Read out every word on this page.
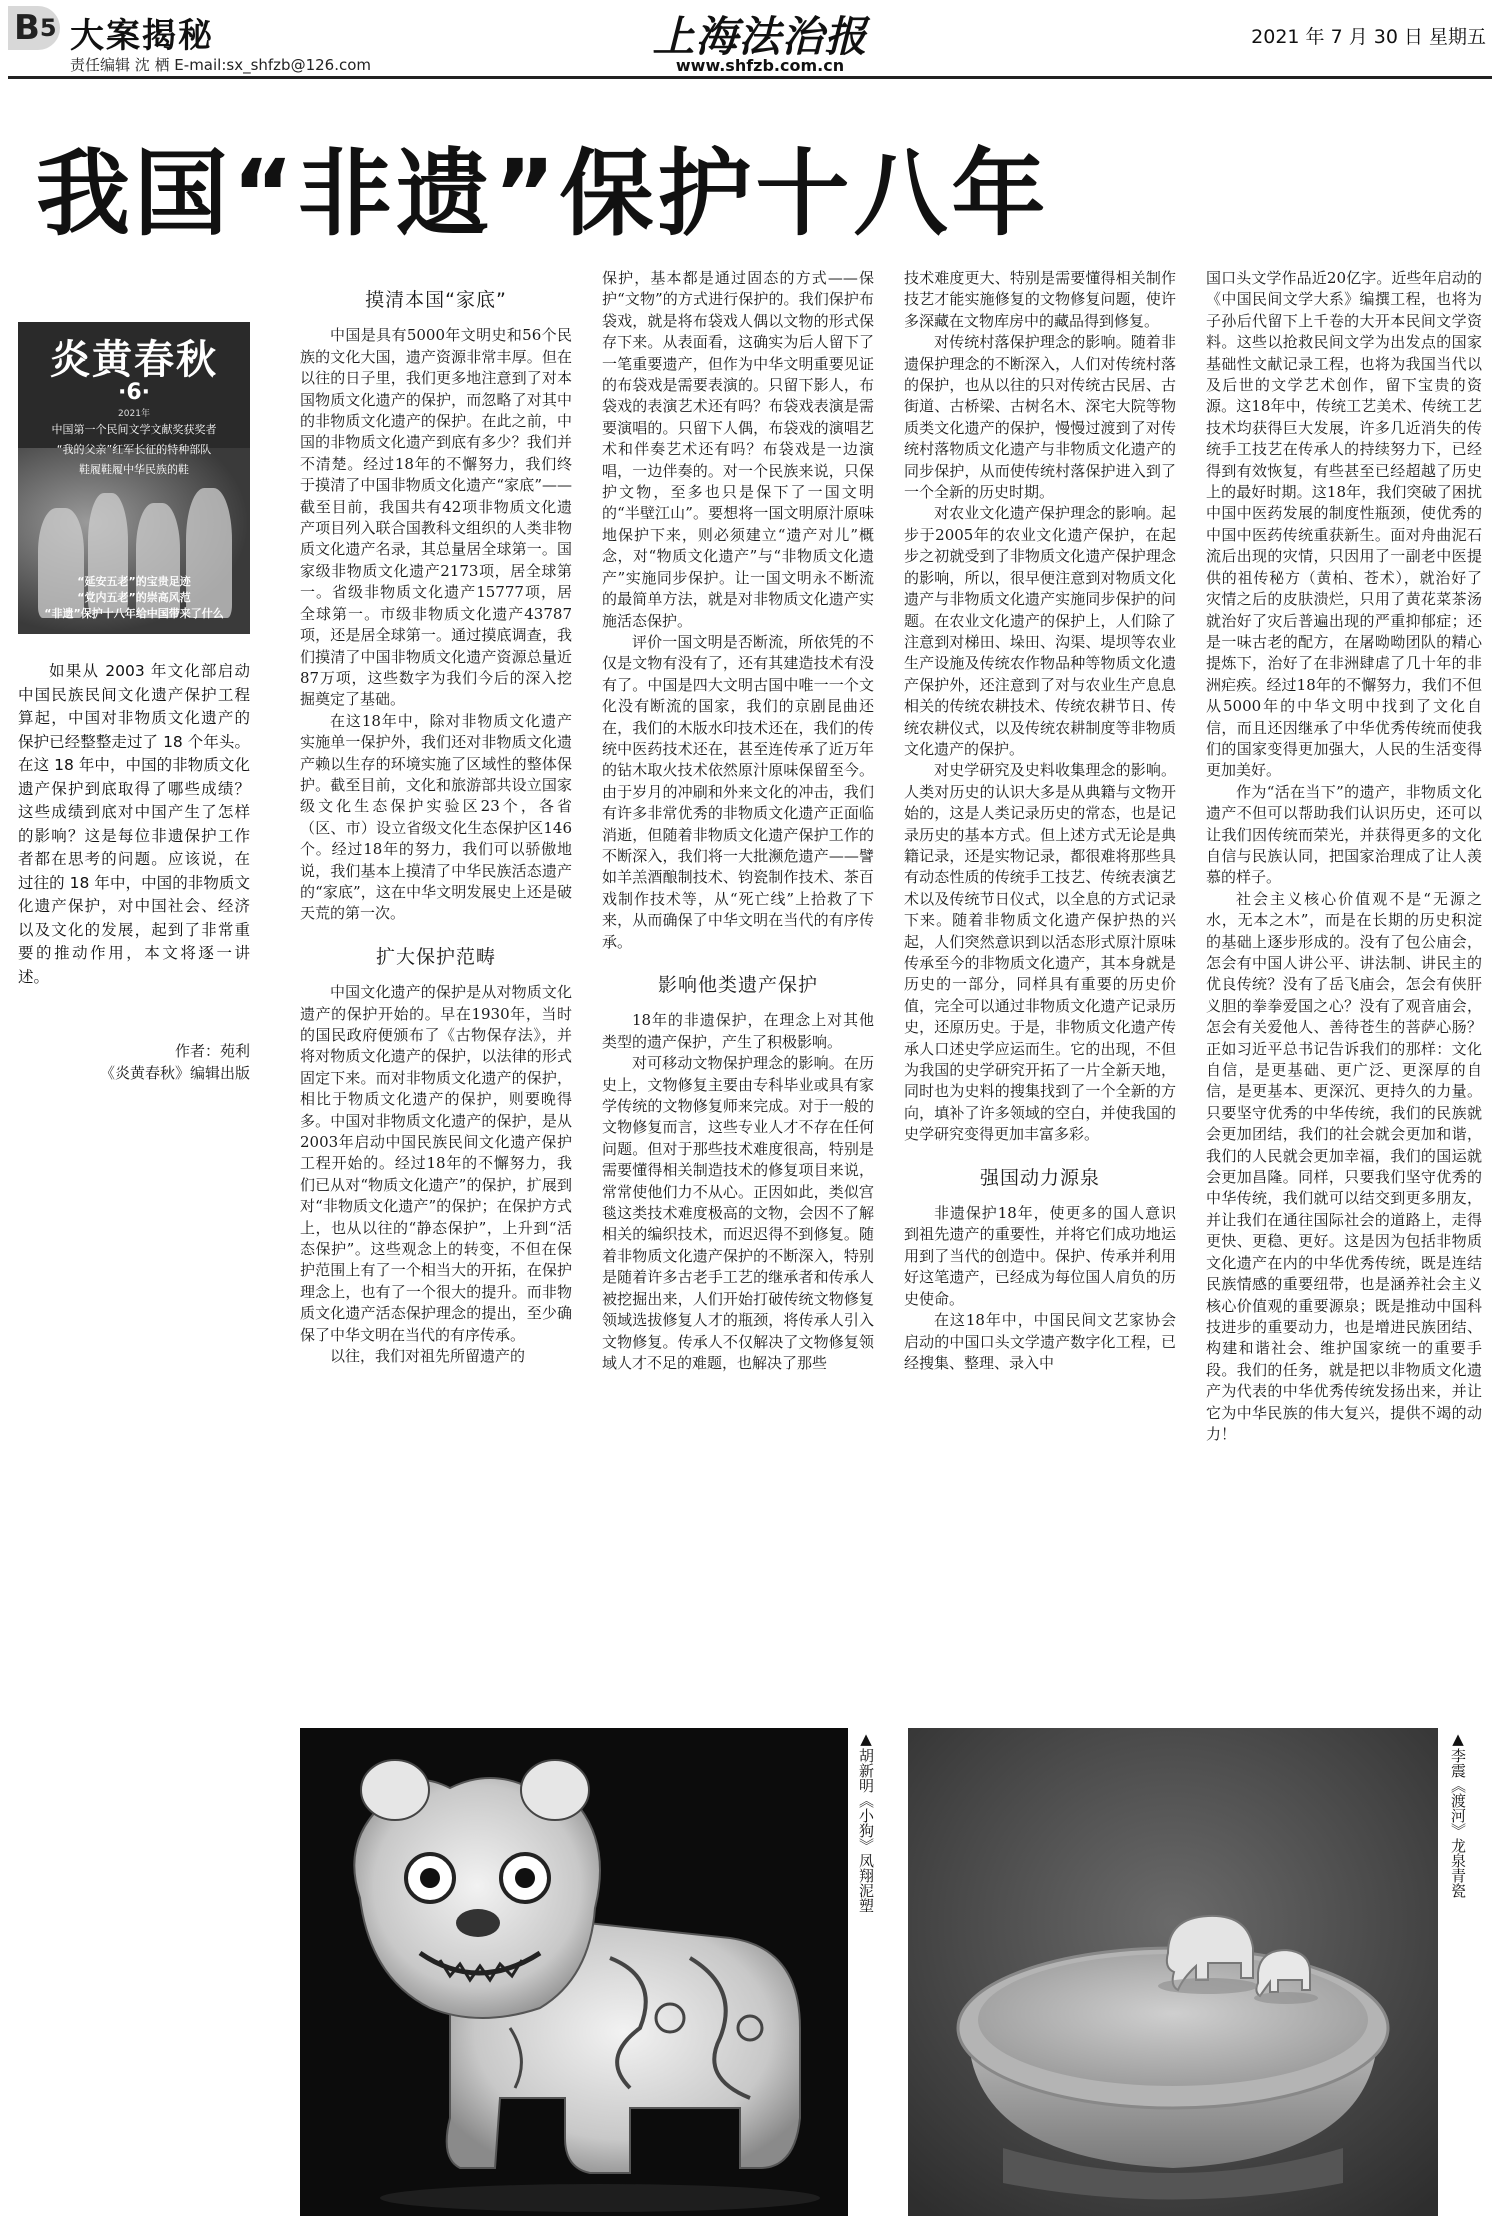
$B^5$ 大案揭秘
责任编辑 沈 栖 E-mail:sx_shfzb@126.com
上海法治报
www.shfzb.com.cn
2021 年 7 月 30 日 星期五
我国“非遗”保护十八年
炎黄春秋
·6·
2021年
中国第一个民间文学文献奖获奖者
“我的父亲”红军长征的特种部队
鞋履鞋履中华民族的鞋
“延安五老”的宝贵足迹
“党内五老”的崇高风范
“非遗”保护十八年给中国带来了什么
如果从 2003 年文化部启动中国民族民间文化遗产保护工程算起，中国对非物质文化遗产的保护已经整整走过了 18 个年头。在这 18 年中，中国的非物质文化遗产保护到底取得了哪些成绩？这些成绩到底对中国产生了怎样的影响？这是每位非遗保护工作者都在思考的问题。应该说，在过往的 18 年中，中国的非物质文化遗产保护，对中国社会、经济以及文化的发展，起到了非常重要的推动作用，本文将逐一讲述。
作者：苑利
《炎黄春秋》编辑出版
摸清本国“家底”

中国是具有5000年文明史和56个民族的文化大国，遗产资源非常丰厚。但在以往的日子里，我们更多地注意到了对本国物质文化遗产的保护，而忽略了对其中的非物质文化遗产的保护。在此之前，中国的非物质文化遗产到底有多少？我们并不清楚。经过18年的不懈努力，我们终于摸清了中国非物质文化遗产“家底”——截至目前，我国共有42项非物质文化遗产项目列入联合国教科文组织的人类非物质文化遗产名录，其总量居全球第一。国家级非物质文化遗产2173项，居全球第一。省级非物质文化遗产15777项，居全球第一。市级非物质文化遗产43787项，还是居全球第一。通过摸底调查，我们摸清了中国非物质文化遗产资源总量近87万项，这些数字为我们今后的深入挖掘奠定了基础。

在这18年中，除对非物质文化遗产实施单一保护外，我们还对非物质文化遗产赖以生存的环境实施了区域性的整体保护。截至目前，文化和旅游部共设立国家级文化生态保护实验区23个，各省（区、市）设立省级文化生态保护区146个。经过18年的努力，我们可以骄傲地说，我们基本上摸清了中华民族活态遗产的“家底”，这在中华文明发展史上还是破天荒的第一次。

扩大保护范畴

中国文化遗产的保护是从对物质文化遗产的保护开始的。早在1930年，当时的国民政府便颁布了《古物保存法》，并将对物质文化遗产的保护，以法律的形式固定下来。而对非物质文化遗产的保护，相比于物质文化遗产的保护，则要晚得多。中国对非物质文化遗产的保护，是从2003年启动中国民族民间文化遗产保护工程开始的。经过18年的不懈努力，我们已从对“物质文化遗产”的保护，扩展到对“非物质文化遗产”的保护；在保护方式上，也从以往的“静态保护”，上升到“活态保护”。这些观念上的转变，不但在保护范围上有了一个相当大的开拓，在保护理念上，也有了一个很大的提升。而非物质文化遗产活态保护理念的提出，至少确保了中华文明在当代的有序传承。

以往，我们对祖先所留遗产的

保护，基本都是通过固态的方式——保护“文物”的方式进行保护的。我们保护布袋戏，就是将布袋戏人偶以文物的形式保存下来。从表面看，这确实为后人留下了一笔重要遗产，但作为中华文明重要见证的布袋戏是需要表演的。只留下影人，布袋戏的表演艺术还有吗？布袋戏表演是需要演唱的。只留下人偶，布袋戏的演唱艺术和伴奏艺术还有吗？布袋戏是一边演唱，一边伴奏的。对一个民族来说，只保护文物，至多也只是保下了一国文明的“半壁江山”。要想将一国文明原汁原味地保护下来，则必须建立“遗产对儿”概念，对“物质文化遗产”与“非物质文化遗产”实施同步保护。让一国文明永不断流的最简单方法，就是对非物质文化遗产实施活态保护。

评价一国文明是否断流，所依凭的不仅是文物有没有了，还有其建造技术有没有了。中国是四大文明古国中唯一一个文化没有断流的国家，我们的京剧昆曲还在，我们的木版水印技术还在，我们的传统中医药技术还在，甚至连传承了近万年的钻木取火技术依然原汁原味保留至今。由于岁月的冲刷和外来文化的冲击，我们有许多非常优秀的非物质文化遗产正面临消逝，但随着非物质文化遗产保护工作的不断深入，我们将一大批濒危遗产——譬如羊羔酒酿制技术、钧瓷制作技术、茶百戏制作技术等，从“死亡线”上拾救了下来，从而确保了中华文明在当代的有序传承。

影响他类遗产保护

18年的非遗保护，在理念上对其他类型的遗产保护，产生了积极影响。

对可移动文物保护理念的影响。在历史上，文物修复主要由专科毕业或具有家学传统的文物修复师来完成。对于一般的文物修复而言，这些专业人才不存在任何问题。但对于那些技术难度很高，特别是需要懂得相关制造技术的修复项目来说，常常使他们力不从心。正因如此，类似宫毯这类技术难度极高的文物，会因不了解相关的编织技术，而迟迟得不到修复。随着非物质文化遗产保护的不断深入，特别是随着许多古老手工艺的继承者和传承人被挖掘出来，人们开始打破传统文物修复领域选拔修复人才的瓶颈，将传承人引入文物修复。传承人不仅解决了文物修复领域人才不足的难题，也解决了那些

技术难度更大、特别是需要懂得相关制作技艺才能实施修复的文物修复问题，使许多深藏在文物库房中的藏品得到修复。

对传统村落保护理念的影响。随着非遗保护理念的不断深入，人们对传统村落的保护，也从以往的只对传统古民居、古街道、古桥梁、古树名木、深宅大院等物质类文化遗产的保护，慢慢过渡到了对传统村落物质文化遗产与非物质文化遗产的同步保护，从而使传统村落保护进入到了一个全新的历史时期。

对农业文化遗产保护理念的影响。起步于2005年的农业文化遗产保护，在起步之初就受到了非物质文化遗产保护理念的影响，所以，很早便注意到对物质文化遗产与非物质文化遗产实施同步保护的问题。在农业文化遗产的保护上，人们除了注意到对梯田、垛田、沟渠、堤坝等农业生产设施及传统农作物品种等物质文化遗产保护外，还注意到了对与农业生产息息相关的传统农耕技术、传统农耕节日、传统农耕仪式，以及传统农耕制度等非物质文化遗产的保护。

对史学研究及史料收集理念的影响。人类对历史的认识大多是从典籍与文物开始的，这是人类记录历史的常态，也是记录历史的基本方式。但上述方式无论是典籍记录，还是实物记录，都很难将那些具有动态性质的传统手工技艺、传统表演艺术以及传统节日仪式，以全息的方式记录下来。随着非物质文化遗产保护热的兴起，人们突然意识到以活态形式原汁原味传承至今的非物质文化遗产，其本身就是历史的一部分，同样具有重要的历史价值，完全可以通过非物质文化遗产记录历史，还原历史。于是，非物质文化遗产传承人口述史学应运而生。它的出现，不但为我国的史学研究开拓了一片全新天地，同时也为史料的搜集找到了一个全新的方向，填补了许多领域的空白，并使我国的史学研究变得更加丰富多彩。

强国动力源泉

非遗保护18年，使更多的国人意识到祖先遗产的重要性，并将它们成功地运用到了当代的创造中。保护、传承并利用好这笔遗产，已经成为每位国人肩负的历史使命。

在这18年中，中国民间文艺家协会启动的中国口头文学遗产数字化工程，已经搜集、整理、录入中

国口头文学作品近20亿字。近些年启动的《中国民间文学大系》编撰工程，也将为子孙后代留下上千卷的大开本民间文学资料。这些以抢救民间文学为出发点的国家基础性文献记录工程，也将为我国当代以及后世的文学艺术创作，留下宝贵的资源。这18年中，传统工艺美术、传统工艺技术均获得巨大发展，许多几近消失的传统手工技艺在传承人的持续努力下，已经得到有效恢复，有些甚至已经超越了历史上的最好时期。这18年，我们突破了困扰中国中医药发展的制度性瓶颈，使优秀的中国中医药传统重获新生。面对舟曲泥石流后出现的灾情，只因用了一副老中医提供的祖传秘方（黄柏、苍术），就治好了灾情之后的皮肤溃烂，只用了黄花菜茶汤就治好了灾后普遍出现的严重抑郁症；还是一味古老的配方，在屠呦呦团队的精心提炼下，治好了在非洲肆虐了几十年的非洲疟疾。经过18年的不懈努力，我们不但从5000年的中华文明中找到了文化自信，而且还因继承了中华优秀传统而使我们的国家变得更加强大，人民的生活变得更加美好。

作为“活在当下”的遗产，非物质文化遗产不但可以帮助我们认识历史，还可以让我们因传统而荣光，并获得更多的文化自信与民族认同，把国家治理成了让人羡慕的样子。

社会主义核心价值观不是“无源之水，无本之木”，而是在长期的历史积淀的基础上逐步形成的。没有了包公庙会，怎会有中国人讲公平、讲法制、讲民主的优良传统？没有了岳飞庙会，怎会有侠肝义胆的拳拳爱国之心？没有了观音庙会，怎会有关爱他人、善待苍生的菩萨心肠？正如习近平总书记告诉我们的那样：文化自信，是更基础、更广泛、更深厚的自信，是更基本、更深沉、更持久的力量。只要坚守优秀的中华传统，我们的民族就会更加团结，我们的社会就会更加和谐，我们的人民就会更加幸福，我们的国运就会更加昌隆。同样，只要我们坚守优秀的中华传统，我们就可以结交到更多朋友，并让我们在通往国际社会的道路上，走得更快、更稳、更好。这是因为包括非物质文化遗产在内的中华优秀传统，既是连结民族情感的重要纽带，也是涵养社会主义核心价值观的重要源泉；既是推动中国科技进步的重要动力，也是增进民族团结、构建和谐社会、维护国家统一的重要手段。我们的任务，就是把以非物质文化遗产为代表的中华优秀传统发扬出来，并让它为中华民族的伟大复兴，提供不竭的动力！

▲胡新明《小狗》凤翔泥塑	▲李震《渡河》龙泉青瓷
